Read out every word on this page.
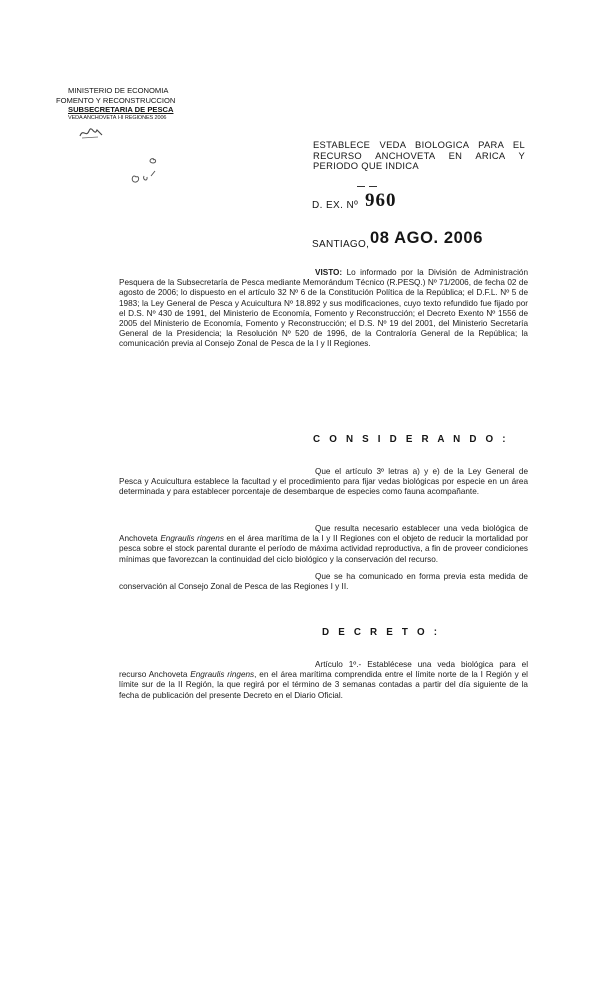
MINISTERIO DE ECONOMIA
FOMENTO Y RECONSTRUCCION
SUBSECRETARIA DE PESCA
VEDA ANCHOVETA I-II REGIONES 2006
ESTABLECE VEDA BIOLOGICA PARA EL RECURSO ANCHOVETA EN ARICA Y PERIODO QUE INDICA
D. EX. Nº 960
SANTIAGO, 08 AGO. 2006
VISTO: Lo informado por la División de Administración Pesquera de la Subsecretaría de Pesca mediante Memorándum Técnico (R.PESQ.) Nº 71/2006, de fecha 02 de agosto de 2006; lo dispuesto en el artículo 32 Nº 6 de la Constitución Política de la República; el D.F.L. Nº 5 de 1983; la Ley General de Pesca y Acuicultura Nº 18.892 y sus modificaciones, cuyo texto refundido fue fijado por el D.S. Nº 430 de 1991, del Ministerio de Economía, Fomento y Reconstrucción; el Decreto Exento Nº 1556 de 2005 del Ministerio de Economía, Fomento y Reconstrucción; el D.S. Nº 19 del 2001, del Ministerio Secretaría General de la Presidencia; la Resolución Nº 520 de 1996, de la Contraloría General de la República; la comunicación previa al Consejo Zonal de Pesca de la I y II Regiones.
C O N S I D E R A N D O :
Que el artículo 3º letras a) y e) de la Ley General de Pesca y Acuicultura establece la facultad y el procedimiento para fijar vedas biológicas por especie en un área determinada y para establecer porcentaje de desembarque de especies como fauna acompañante.
Que resulta necesario establecer una veda biológica de Anchoveta Engraulis ringens en el área marítima de la I y II Regiones con el objeto de reducir la mortalidad por pesca sobre el stock parental durante el período de máxima actividad reproductiva, a fin de proveer condiciones mínimas que favorezcan la continuidad del ciclo biológico y la conservación del recurso.
Que se ha comunicado en forma previa esta medida de conservación al Consejo Zonal de Pesca de las Regiones I y II.
D E C R E T O :
Artículo 1º.- Establécese una veda biológica para el recurso Anchoveta Engraulis ringens, en el área marítima comprendida entre el límite norte de la I Región y el límite sur de la II Región, la que regirá por el término de 3 semanas contadas a partir del día siguiente de la fecha de publicación del presente Decreto en el Diario Oficial.
